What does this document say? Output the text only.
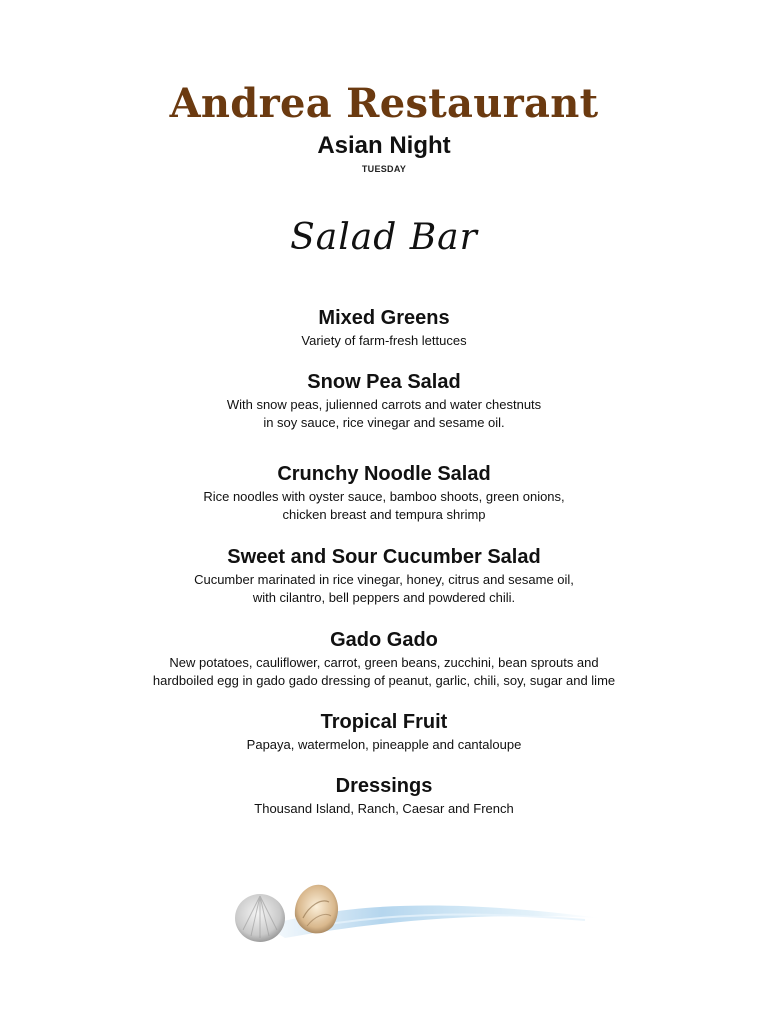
Andrea Restaurant
Asian Night
TUESDAY
Salad Bar
Mixed Greens
Variety of farm-fresh lettuces
Snow Pea Salad
With snow peas, julienned carrots and water chestnuts
in soy sauce, rice vinegar and sesame oil.
Crunchy Noodle Salad
Rice noodles with oyster sauce, bamboo shoots, green onions,
chicken breast and tempura shrimp
Sweet and Sour Cucumber Salad
Cucumber marinated in rice vinegar, honey, citrus and sesame oil,
with cilantro, bell peppers and powdered chili.
Gado Gado
New potatoes, cauliflower, carrot, green beans, zucchini, bean sprouts and
hardboiled egg in gado gado dressing of peanut, garlic, chili, soy, sugar and lime
Tropical Fruit
Papaya, watermelon, pineapple and cantaloupe
Dressings
Thousand Island, Ranch, Caesar and French
